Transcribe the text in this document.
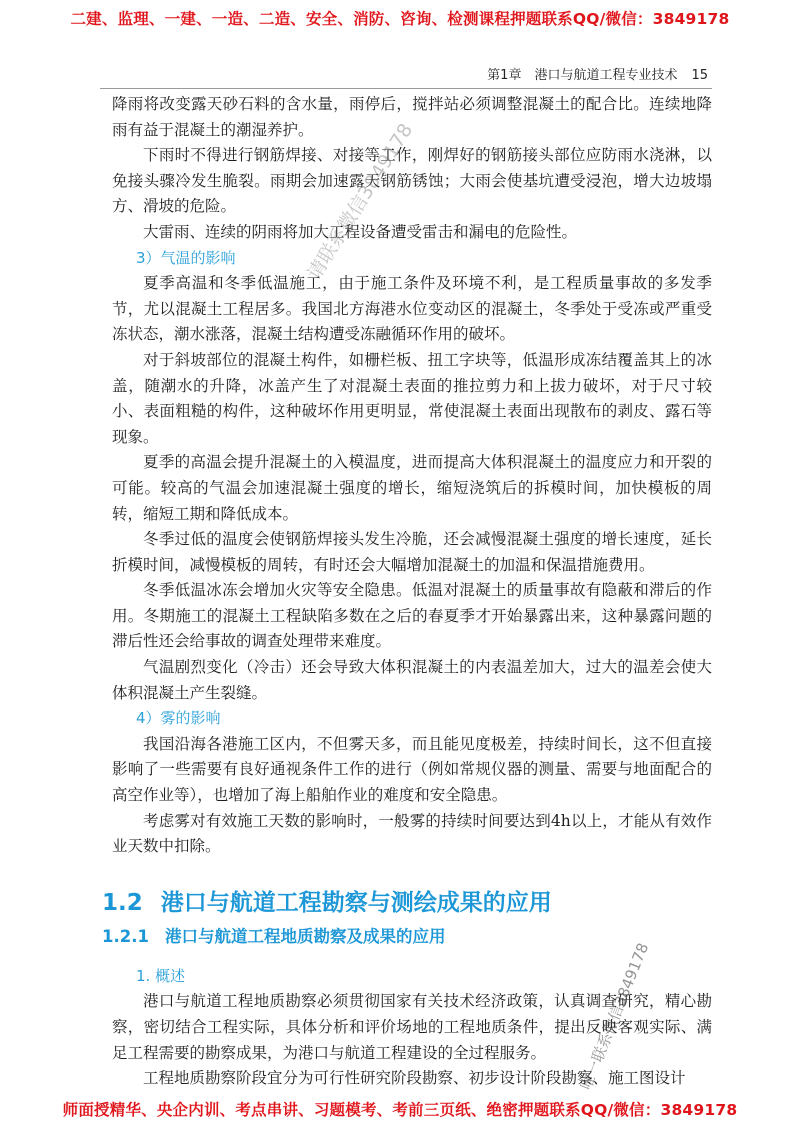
二建、监理、一建、一造、二造、安全、消防、咨询、检测课程押题联系QQ/微信：3849178
第1章　港口与航道工程专业技术 15

降雨将改变露天砂石料的含水量，雨停后，搅拌站必须调整混凝土的配合比。连续地降雨有益于混凝土的潮湿养护。

下雨时不得进行钢筋焊接、对接等工作，刚焊好的钢筋接头部位应防雨水浇淋，以免接头骤冷发生脆裂。雨期会加速露天钢筋锈蚀；大雨会使基坑遭受浸泡，增大边坡塌方、滑坡的危险。

大雷雨、连续的阴雨将加大工程设备遭受雷击和漏电的危险性。

3）气温的影响

夏季高温和冬季低温施工，由于施工条件及环境不利，是工程质量事故的多发季节，尤以混凝土工程居多。我国北方海港水位变动区的混凝土，冬季处于受冻或严重受冻状态，潮水涨落，混凝土结构遭受冻融循环作用的破坏。

对于斜坡部位的混凝土构件，如栅栏板、扭工字块等，低温形成冻结覆盖其上的冰盖，随潮水的升降，冰盖产生了对混凝土表面的推拉剪力和上拔力破坏，对于尺寸较小、表面粗糙的构件，这种破坏作用更明显，常使混凝土表面出现散布的剥皮、露石等现象。

夏季的高温会提升混凝土的入模温度，进而提高大体积混凝土的温度应力和开裂的可能。较高的气温会加速混凝土强度的增长，缩短浇筑后的拆模时间，加快模板的周转，缩短工期和降低成本。

冬季过低的温度会使钢筋焊接头发生冷脆，还会减慢混凝土强度的增长速度，延长折模时间，减慢模板的周转，有时还会大幅增加混凝土的加温和保温措施费用。

冬季低温冰冻会增加火灾等安全隐患。低温对混凝土的质量事故有隐蔽和滞后的作用。冬期施工的混凝土工程缺陷多数在之后的春夏季才开始暴露出来，这种暴露问题的滞后性还会给事故的调查处理带来难度。

气温剧烈变化（冷击）还会导致大体积混凝土的内表温差加大，过大的温差会使大体积混凝土产生裂缝。

4）雾的影响

我国沿海各港施工区内，不但雾天多，而且能见度极差，持续时间长，这不但直接影响了一些需要有良好通视条件工作的进行（例如常规仪器的测量、需要与地面配合的高空作业等），也增加了海上船舶作业的难度和安全隐患。

考虑雾对有效施工天数的影响时，一般雾的持续时间要达到4h以上，才能从有效作业天数中扣除。

1.2 港口与航道工程勘察与测绘成果的应用
1.2.1 港口与航道工程地质勘察及成果的应用
1. 概述

港口与航道工程地质勘察必须贯彻国家有关技术经济政策，认真调查研究，精心勘察，密切结合工程实际，具体分析和评价场地的工程地质条件，提出反映客观实际、满足工程需要的勘察成果，为港口与航道工程建设的全过程服务。

工程地质勘察阶段宜分为可行性研究阶段勘察、初步设计阶段勘察、施工图设计

请联系微信3849178
唯一联系微信3849178
师面授精华、央企内训、考点串讲、习题模考、考前三页纸、绝密押题联系QQ/微信：3849178
